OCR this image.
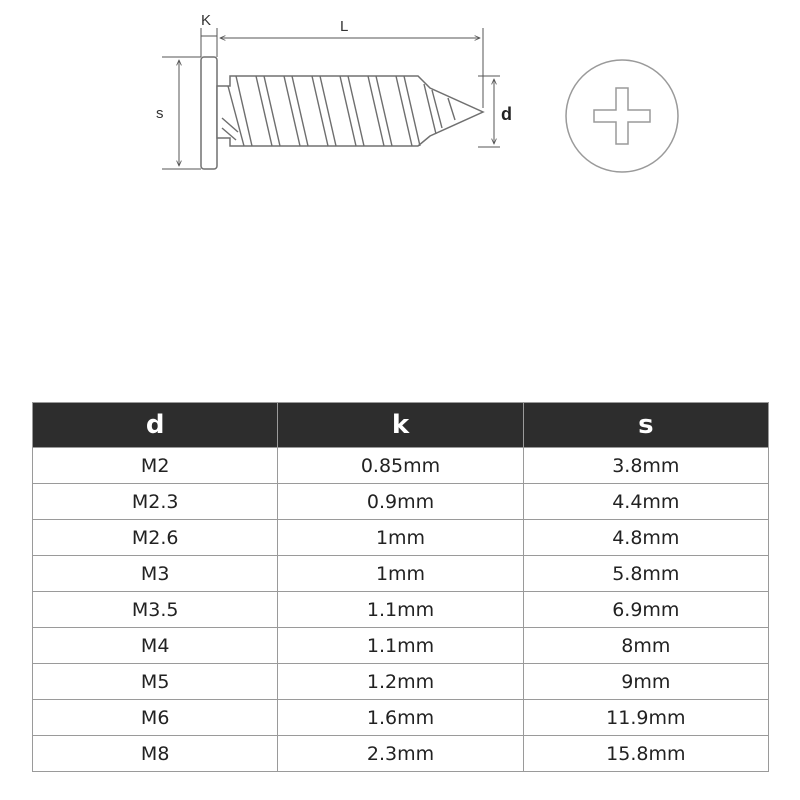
s
K	L
d
d	k	s
M2	0.85mm	3.8mm
M2.3	0.9mm	4.4mm
M2.6	1mm	4.8mm
M3	1mm	5.8mm
M3.5	1.1mm	6.9mm
M4	1.1mm	8mm
M5	1.2mm	9mm
M6	1.6mm	11.9mm
M8	2.3mm	15.8mm
